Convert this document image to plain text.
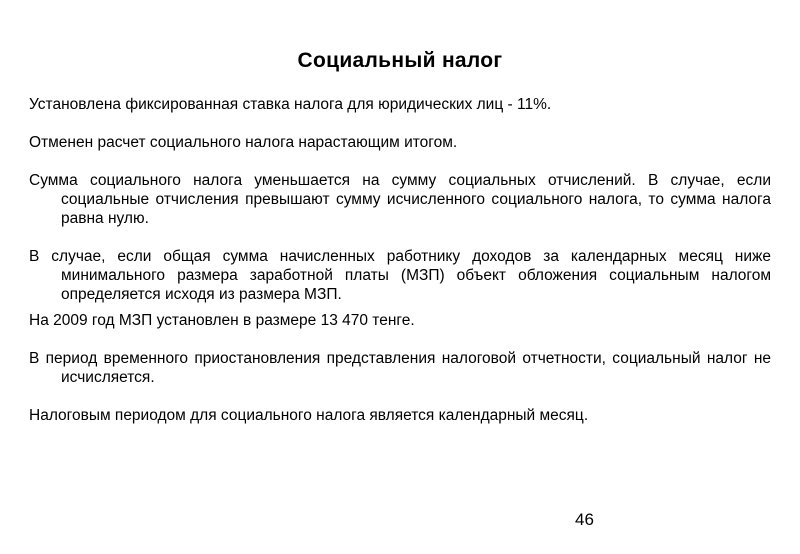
Социальный налог

Установлена фиксированная ставка налога для юридических лиц - 11%.

Отменен расчет социального налога нарастающим итогом.

Сумма социального налога уменьшается на сумму социальных отчислений. В случае, если социальные отчисления превышают сумму исчисленного социального налога, то сумма налога равна нулю.

В случае, если общая сумма начисленных работнику доходов за календарных месяц ниже минимального размера заработной платы (МЗП) объект обложения социальным налогом определяется исходя из размера МЗП.

На 2009 год МЗП установлен в размере 13 470 тенге.

В период временного приостановления представления налоговой отчетности, социальный налог не исчисляется.

Налоговым периодом для социального налога является календарный месяц.

46
